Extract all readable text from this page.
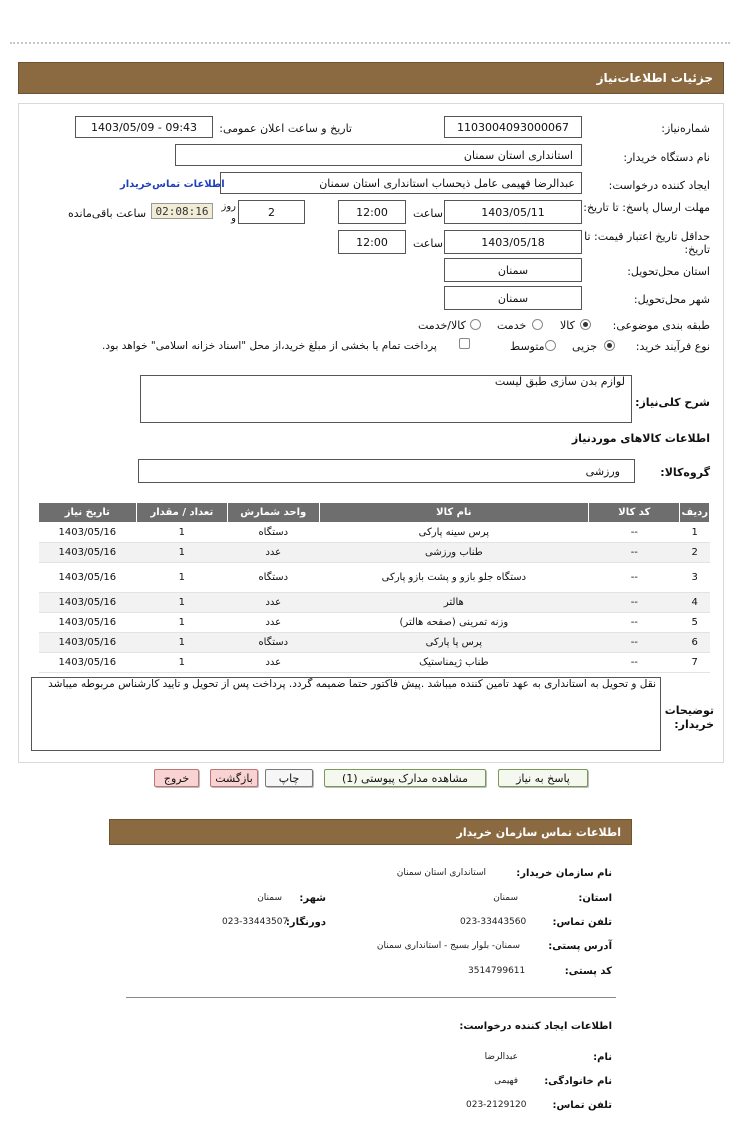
جزئیات اطلاعات‌نیاز
شماره‌نیاز:
1103004093000067
تاریخ و ساعت اعلان عمومی:
1403/05/09 - 09:43
نام دستگاه خریدار:
استانداری استان سمنان
ایجاد کننده درخواست:
عبدالرضا فهیمی عامل ذیحساب استانداری استان سمنان
اطلاعات تماس‌خریدار
مهلت ارسال پاسخ: تا تاریخ:
1403/05/11
ساعت
12:00
2
روز و
02:08:16
ساعت باقی‌مانده
حداقل تاریخ اعتبار قیمت: تا تاریخ:
1403/05/18
ساعت
12:00
استان محل‌تحویل:
سمنان
شهر محل‌تحویل:
سمنان
طبقه بندی موضوعی:
کالا
خدمت
کالا/خدمت
نوع فرآیند خرید:
جزیی
متوسط
پرداخت تمام یا بخشی از مبلغ خرید،از محل "اسناد خزانه اسلامی" خواهد بود.
شرح کلی‌نیاز:
لوازم بدن سازی طبق لیست
اطلاعات کالاهای موردنیاز
گروه‌کالا:
ورزشی
ردیف	کد کالا	نام کالا	واحد شمارش	تعداد / مقدار	تاریخ نیاز
1	--	پرس سینه پارکی	دستگاه	1	1403/05/16
2	--	طناب ورزشی	عدد	1	1403/05/16
3	--	دستگاه جلو بازو و پشت بازو پارکی	دستگاه	1	1403/05/16
4	--	هالتر	عدد	1	1403/05/16
5	--	وزنه تمرینی (صفحه هالتر)	عدد	1	1403/05/16
6	--	پرس پا پارکی	دستگاه	1	1403/05/16
7	--	طناب ژیمناستیک	عدد	1	1403/05/16
توضیحات خریدار:
نقل و تحویل به استانداری به عهد تامین کننده میباشد .پیش فاکتور حتما ضمیمه گردد. پرداخت پس از تحویل و تایید کارشناس مربوطه میباشد
پاسخ به نیاز
مشاهده مدارک پیوستی (1)
چاپ
بازگشت
خروج
اطلاعات تماس سازمان خریدار
نام سازمان خریدار:
استانداری استان سمنان
استان:
سمنان
شهر:
سمنان
تلفن تماس:
023-33443560
دورنگار:
023-33443507
آدرس پستی:
سمنان- بلوار بسیج - استانداری سمنان
کد پستی:
3514799611
اطلاعات ایجاد کننده درخواست:
نام:
عبدالرضا
نام خانوادگی:
فهیمی
تلفن تماس:
023-2129120
